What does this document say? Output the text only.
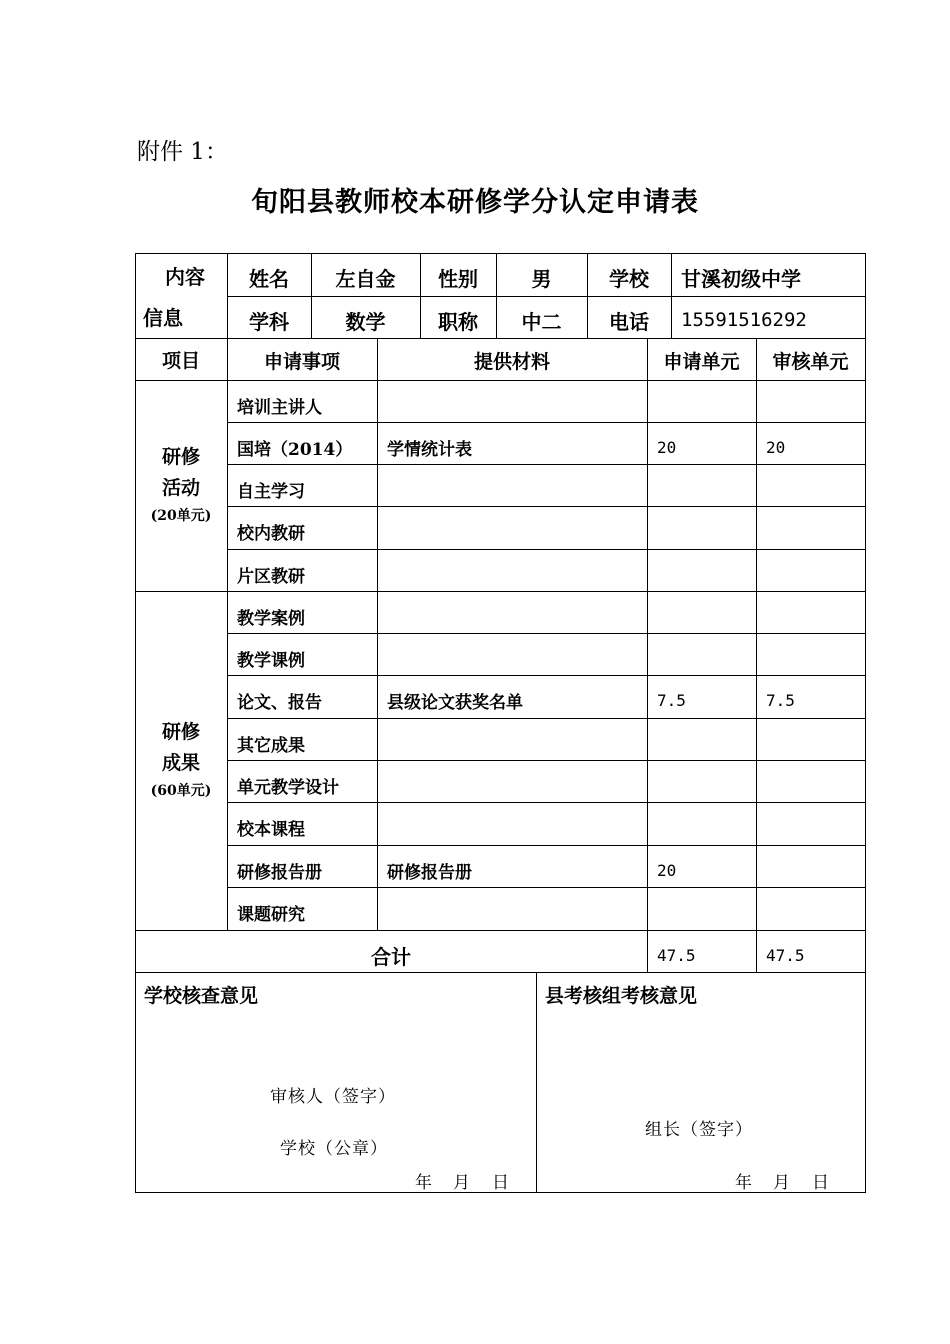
附件 1：
旬阳县教师校本研修学分认定申请表
内容
信息
姓名	左自金	性别	男	学校	甘溪初级中学
学科	数学	职称	中二	电话	15591516292
项目	申请事项	提供材料	申请单元	审核单元
研修
活动
(20单元)
研修
成果
(60单元)
培训主讲人
国培（2014）	学情统计表	20	20
自主学习
校内教研
片区教研
教学案例
教学课例
论文、报告	县级论文获奖名单	7.5	7.5
其它成果
单元教学设计
校本课程
研修报告册	研修报告册	20
课题研究
合计	47.5	47.5
学校核查意见
审核人（签字）
学校（公章）
年 月 日
县考核组考核意见
组长（签字）
年 月 日
